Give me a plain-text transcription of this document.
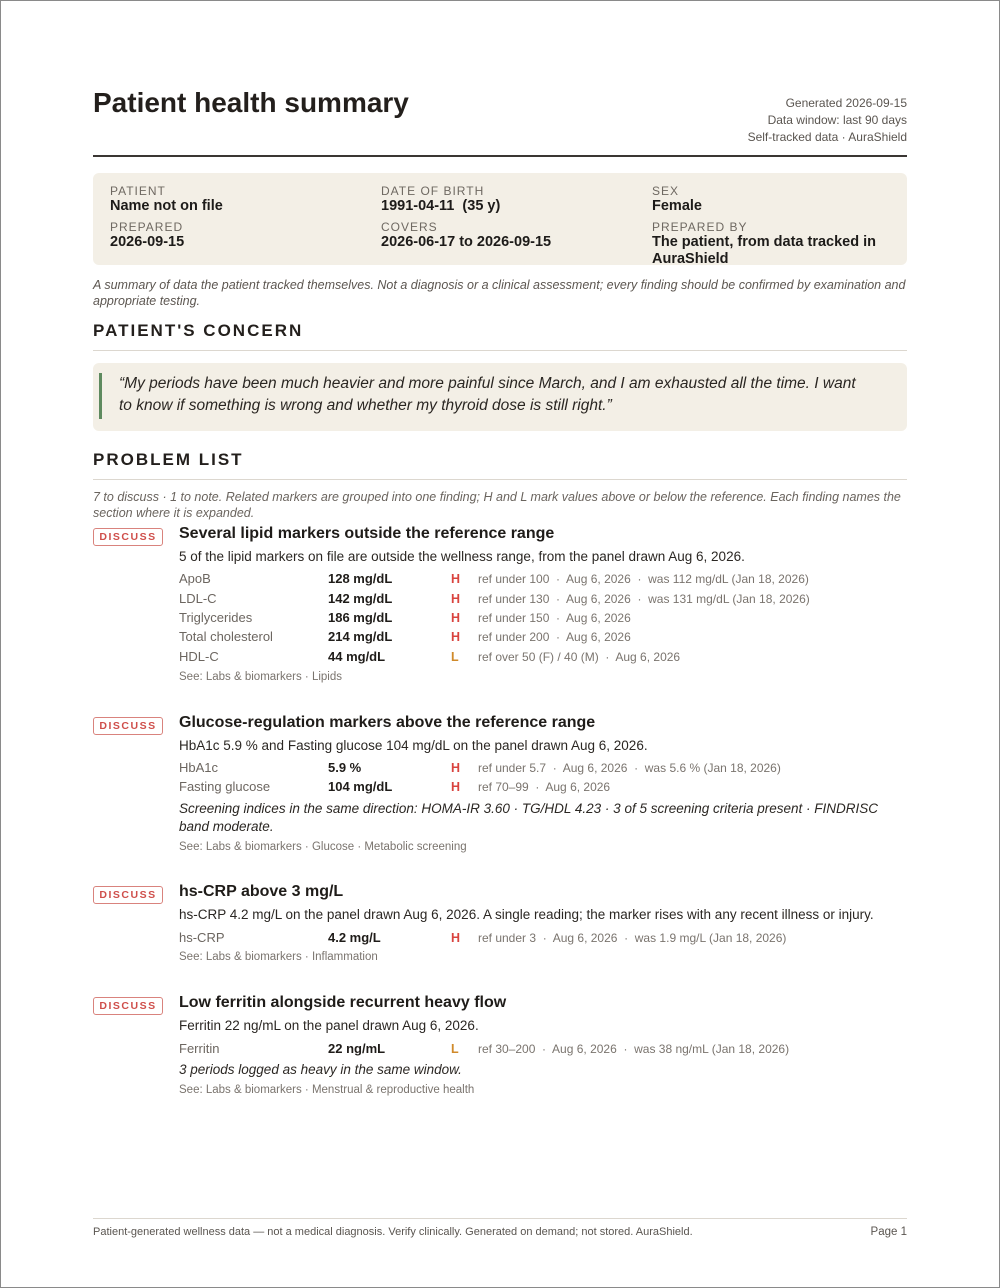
Patient health summary	Generated 2026-09-15
Data window: last 90 days
Self-tracked data · AuraShield
PATIENT
Name not on file
PREPARED
2026-09-15
DATE OF BIRTH
1991-04-11  (35 y)
COVERS
2026-06-17 to 2026-09-15
SEX
Female
PREPARED BY
The patient, from data tracked in AuraShield
A summary of data the patient tracked themselves. Not a diagnosis or a clinical assessment; every finding should be confirmed by examination and appropriate testing.
PATIENT'S CONCERN
“My periods have been much heavier and more painful since March, and I am exhausted all the time. I want to know if something is wrong and whether my thyroid dose is still right.”
PROBLEM LIST
7 to discuss · 1 to note. Related markers are grouped into one finding; H and L mark values above or below the reference. Each finding names the section where it is expanded.
DISCUSS	Several lipid markers outside the reference range
5 of the lipid markers on file are outside the wellness range, from the panel drawn Aug 6, 2026.
ApoB	128 mg/dL	H ref under 100  ·  Aug 6, 2026  ·  was 112 mg/dL (Jan 18, 2026)
LDL-C	142 mg/dL	H ref under 130  ·  Aug 6, 2026  ·  was 131 mg/dL (Jan 18, 2026)
Triglycerides	186 mg/dL	H ref under 150  ·  Aug 6, 2026
Total cholesterol	214 mg/dL	H ref under 200  ·  Aug 6, 2026
HDL-C	44 mg/dL	L ref over 50 (F) / 40 (M)  ·  Aug 6, 2026
See: Labs & biomarkers · Lipids
DISCUSS	Glucose-regulation markers above the reference range
HbA1c 5.9 % and Fasting glucose 104 mg/dL on the panel drawn Aug 6, 2026.
HbA1c	5.9 %	H ref under 5.7  ·  Aug 6, 2026  ·  was 5.6 % (Jan 18, 2026)
Fasting glucose	104 mg/dL	H ref 70–99  ·  Aug 6, 2026
Screening indices in the same direction: HOMA-IR 3.60 · TG/HDL 4.23 · 3 of 5 screening criteria present · FINDRISC band moderate.
See: Labs & biomarkers · Glucose · Metabolic screening
DISCUSS	hs-CRP above 3 mg/L
hs-CRP 4.2 mg/L on the panel drawn Aug 6, 2026. A single reading; the marker rises with any recent illness or injury.
hs-CRP	4.2 mg/L	H ref under 3  ·  Aug 6, 2026  ·  was 1.9 mg/L (Jan 18, 2026)
See: Labs & biomarkers · Inflammation
DISCUSS	Low ferritin alongside recurrent heavy flow
Ferritin 22 ng/mL on the panel drawn Aug 6, 2026.
Ferritin	22 ng/mL	L ref 30–200  ·  Aug 6, 2026  ·  was 38 ng/mL (Jan 18, 2026)
3 periods logged as heavy in the same window.
See: Labs & biomarkers · Menstrual & reproductive health
Patient-generated wellness data — not a medical diagnosis. Verify clinically. Generated on demand; not stored. AuraShield.	Page 1
